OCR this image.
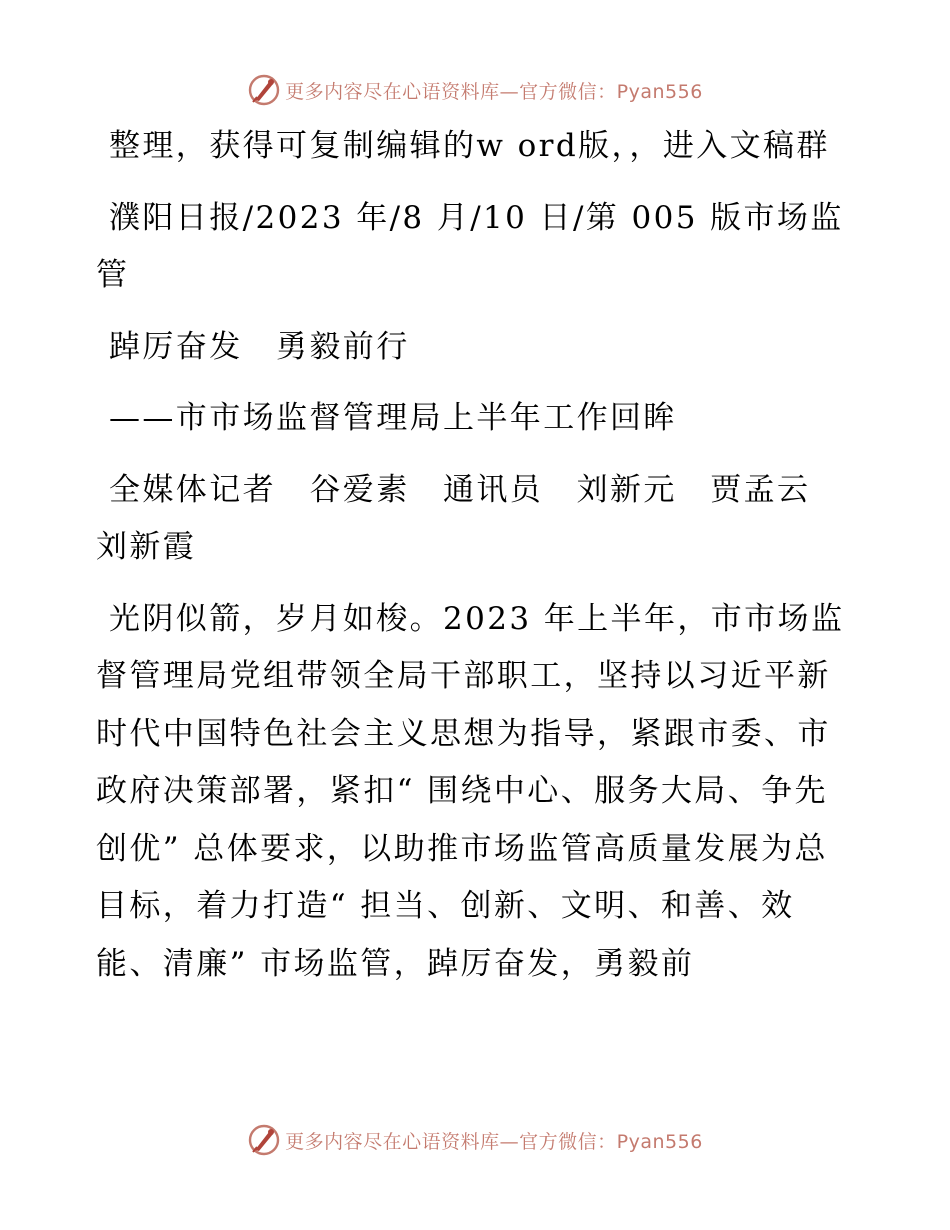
更多内容尽在心语资料库—官方微信：Pyan556

整理，获得可复制编辑的w ord版，，进入文稿群

濮阳日报/2023 年/8 月/10 日/第 005 版市场监管

踔厉奋发　勇毅前行

——市市场监督管理局上半年工作回眸

全媒体记者　谷爱素　通讯员　刘新元　贾孟云　刘新霞

光阴似箭，岁月如梭。2023 年上半年，市市场监督管理局党组带领全局干部职工，坚持以习近平新时代中国特色社会主义思想为指导，紧跟市委、市政府决策部署，紧扣“ 围绕中心、服务大局、争先创优” 总体要求，以助推市场监管高质量发展为总目标，着力打造“ 担当、创新、文明、和善、效能、清廉” 市场监管，踔厉奋发，勇毅前

更多内容尽在心语资料库—官方微信：Pyan556
